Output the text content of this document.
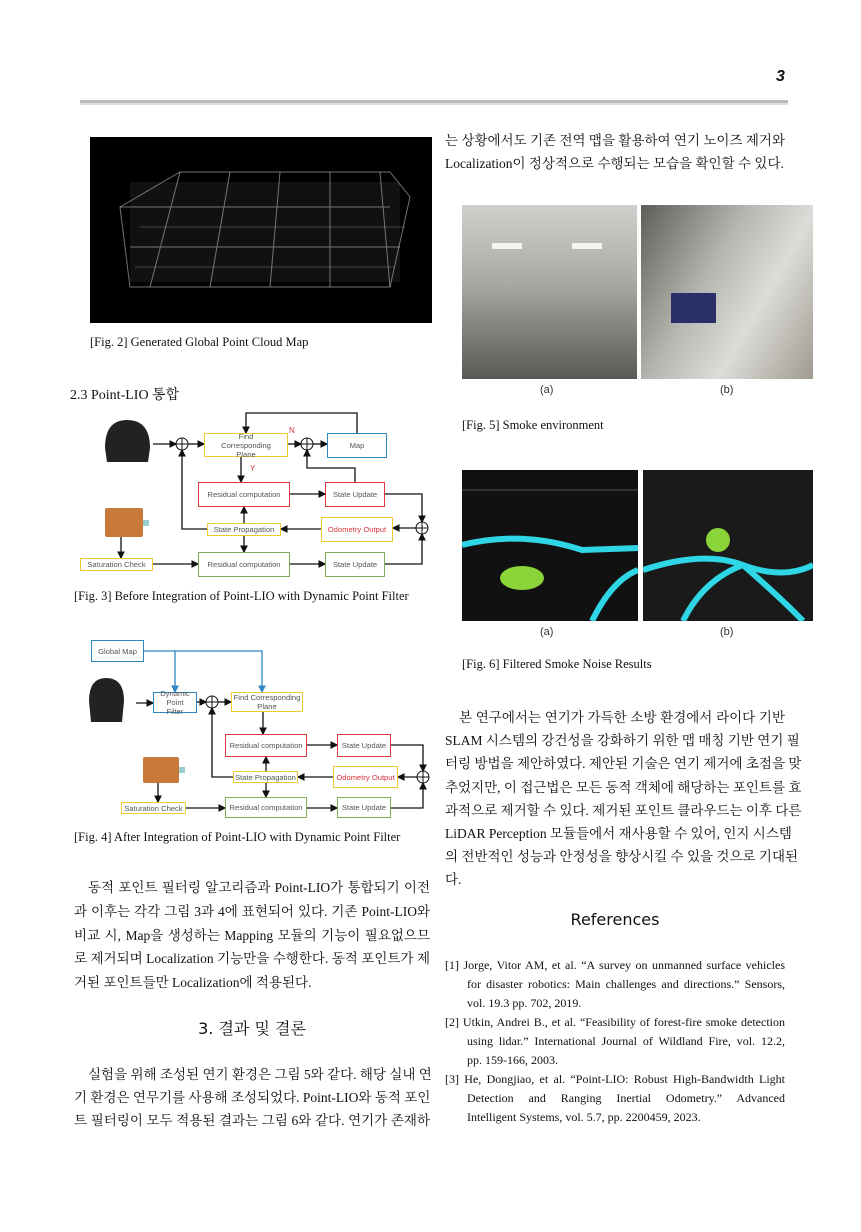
3
[Fig. 2] Generated Global Point Cloud Map
2.3 Point-LIO 통합
Find Corresponding Plane
N
Y
Map
Residual computation	State Update
State Propagation	Odometry Output
Saturation Check	Residual computation	State Update
[Fig. 3] Before Integration of Point-LIO with Dynamic Point Filter
Global Map
Dynamic Point Filter
Find Corresponding Plane
Residual computation	State Update
State Propagation	Odometry Output
Saturation Check	Residual computation	State Update
[Fig. 4] After Integration of Point-LIO with Dynamic Point Filter
동적 포인트 필터링 알고리즘과 Point-LIO가 통합되기 이전
과 이후는 각각 그림 3과 4에 표현되어 있다. 기존 Point-LIO와
비교 시, Map을 생성하는 Mapping 모듈의 기능이 필요없으므
로 제거되며 Localization 기능만을 수행한다. 동적 포인트가 제
거된 포인트들만 Localization에 적용된다.
3. 결과 및 결론
실험을 위해 조성된 연기 환경은 그림 5와 같다. 해당 실내 연
기 환경은 연무기를 사용해 조성되었다. Point-LIO와 동적 포인
트 필터링이 모두 적용된 결과는 그림 6와 같다. 연기가 존재하
는 상황에서도 기존 전역 맵을 활용하여 연기 노이즈 제거와
Localization이 정상적으로 수행되는 모습을 확인할 수 있다.
(a)	(b)
[Fig. 5] Smoke environment
(a)	(b)
[Fig. 6] Filtered Smoke Noise Results
본 연구에서는 연기가 가득한 소방 환경에서 라이다 기반
SLAM 시스템의 강건성을 강화하기 위한 맵 매칭 기반 연기 필
터링 방법을 제안하였다. 제안된 기술은 연기 제거에 초점을 맞
추었지만, 이 접근법은 모든 동적 객체에 해당하는 포인트를 효
과적으로 제거할 수 있다. 제거된 포인트 클라우드는 이후 다른
LiDAR Perception 모듈들에서 재사용할 수 있어, 인지 시스템
의 전반적인 성능과 안정성을 향상시킬 수 있을 것으로 기대된
다.
References
[1] Jorge, Vitor AM, et al. “A survey on unmanned surface vehicles
for disaster robotics: Main challenges and directions.” Sensors,
vol. 19.3 pp. 702, 2019.
[2] Utkin, Andrei B., et al. “Feasibility of forest-fire smoke detection
using lidar.” International Journal of Wildland Fire, vol. 12.2,
pp. 159-166, 2003.
[3] He, Dongjiao, et al. “Point‑LIO: Robust High‑Bandwidth Light
Detection and Ranging Inertial Odometry.” Advanced
Intelligent Systems, vol. 5.7, pp. 2200459, 2023.
